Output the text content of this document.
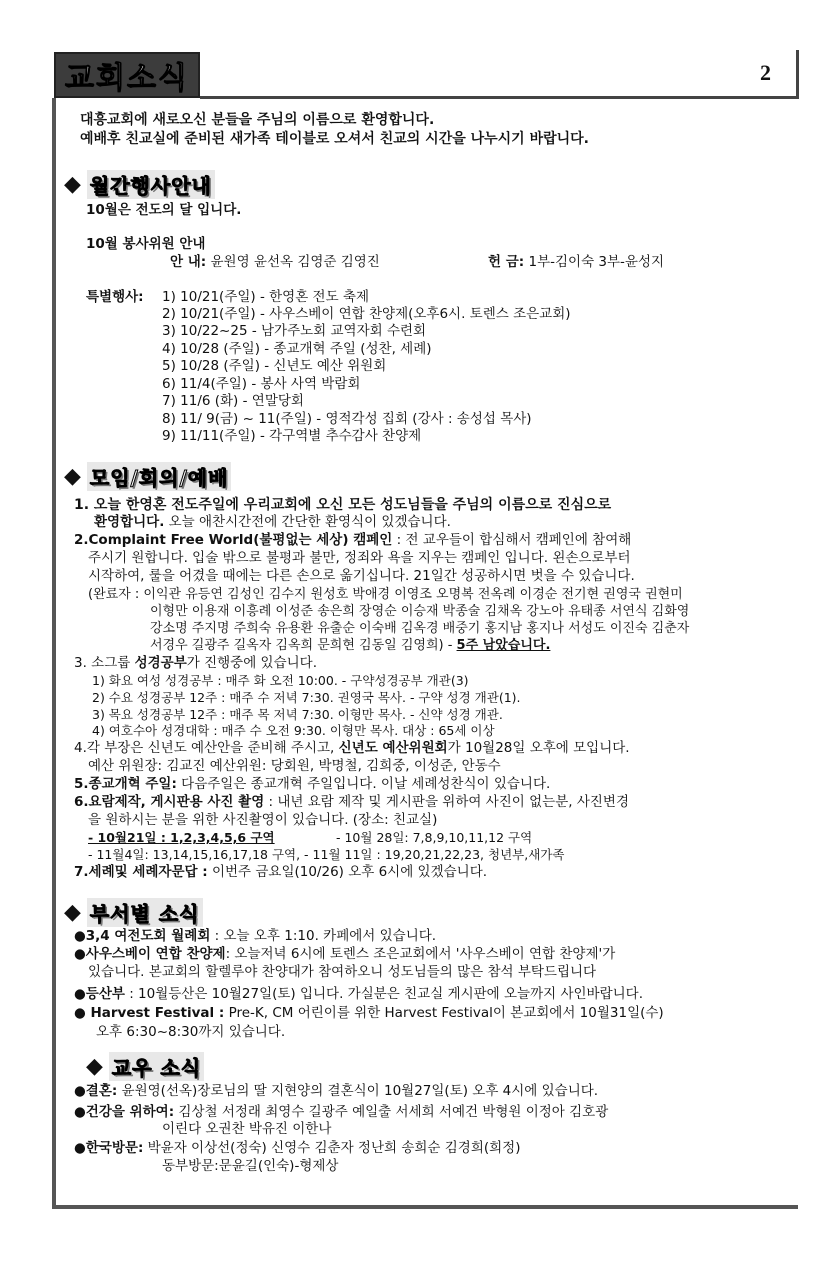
교회소식	2
대흥교회에 새로오신 분들을 주님의 이름으로 환영합니다.
예배후 친교실에 준비된 새가족 테이블로 오셔서 친교의 시간을 나누시기 바랍니다.
◆ 월간행사안내
10월은 전도의 달 입니다.
10월 봉사위원 안내
안 내: 윤원영 윤선옥 김영준 김영진	헌 금: 1부-김이숙 3부-윤성지
특별행사: 1) 10/21(주일) - 한영혼 전도 축제
2) 10/21(주일) - 사우스베이 연합 찬양제(오후6시. 토렌스 조은교회)
3) 10/22~25 - 남가주노회 교역자회 수련회
4) 10/28 (주일) - 종교개혁 주일 (성찬, 세례)
5) 10/28 (주일) - 신년도 예산 위원회
6) 11/4(주일) - 봉사 사역 박람회
7) 11/6 (화) - 연말당회
8) 11/ 9(금) ~ 11(주일) - 영적각성 집회 (강사 : 송성섭 목사)
9) 11/11(주일) - 각구역별 추수감사 찬양제
◆ 모임/회의/예배
1. 오늘 한영혼 전도주일에 우리교회에 오신 모든 성도님들을 주님의 이름으로 진심으로
환영합니다. 오늘 애찬시간전에 간단한 환영식이 있겠습니다.
2.Complaint Free World(불평없는 세상) 캠페인 : 전 교우들이 합심해서 캠페인에 참여해
주시기 원합니다. 입술 밖으로 불평과 불만, 정죄와 욕을 지우는 캠페인 입니다. 왼손으로부터
시작하여, 룰을 어겼을 때에는 다른 손으로 옮기십니다. 21일간 성공하시면 벗을 수 있습니다.
(완료자 : 이익관 유등연 김성인 김수지 원성호 박애경 이영조 오명복 전옥례 이경순 전기현 권영국 권현미
이형만 이용재 이흥례 이성준 송은희 장영순 이승재 박종술 김채옥 강노아 유태종 서연식 김화영
강소명 주지명 주희숙 유용환 유출순 이숙배 김옥경 배중기 홍지남 홍지나 서성도 이진숙 김춘자
서경우 길광주 길옥자 김옥희 문희현 김동일 김영희) - 5주 남았습니다.
3. 소그룹 성경공부가 진행중에 있습니다.
1) 화요 여성 성경공부 : 매주 화 오전 10:00. - 구약성경공부 개관(3)
2) 수요 성경공부 12주 : 매주 수 저녁 7:30. 권영국 목사. - 구약 성경 개관(1).
3) 목요 성경공부 12주 : 매주 목 저녁 7:30. 이형만 목사. - 신약 성경 개관.
4) 여호수아 성경대학 : 매주 수 오전 9:30. 이형만 목사. 대상 : 65세 이상
4.각 부장은 신년도 예산안을 준비해 주시고, 신년도 예산위원회가 10월28일 오후에 모입니다.
예산 위원장: 김교진 예산위원: 당회원, 박명철, 김희중, 이성준, 안동수
5.종교개혁 주일: 다음주일은 종교개혁 주일입니다. 이날 세례성찬식이 있습니다.
6.요람제작, 게시판용 사진 촬영 : 내년 요람 제작 및 게시판을 위하여 사진이 없는분, 사진변경
을 원하시는 분을 위한 사진촬영이 있습니다. (장소: 친교실)
- 10월21일 : 1,2,3,4,5,6 구역	- 10월 28일: 7,8,9,10,11,12 구역
- 11월4일: 13,14,15,16,17,18 구역, - 11월 11일 : 19,20,21,22,23, 청년부,새가족
7.세례및 세례자문답 : 이번주 금요일(10/26) 오후 6시에 있겠습니다.
◆ 부서별 소식
●3,4 여전도회 월례회 : 오늘 오후 1:10. 카페에서 있습니다.
●사우스베이 연합 찬양제: 오늘저녁 6시에 토렌스 조은교회에서 '사우스베이 연합 찬양제'가
있습니다. 본교회의 할렐루야 찬양대가 참여하오니 성도님들의 많은 참석 부탁드립니다
●등산부 : 10월등산은 10월27일(토) 입니다. 가실분은 친교실 게시판에 오늘까지 사인바랍니다.
● Harvest Festival : Pre-K, CM 어린이를 위한 Harvest Festival이 본교회에서 10월31일(수)
오후 6:30~8:30까지 있습니다.
◆ 교우 소식
●결혼: 윤원영(선옥)장로님의 딸 지현양의 결혼식이 10월27일(토) 오후 4시에 있습니다.
●건강을 위하여: 김상철 서정래 최영수 길광주 예일출 서세희 서예건 박형원 이정아 김호광
이린다 오권찬 박유진 이한나
●한국방문: 박윤자 이상선(정숙) 신영수 김춘자 정난희 송희순 김경희(희정)
동부방문:문윤길(인숙)-형제상
